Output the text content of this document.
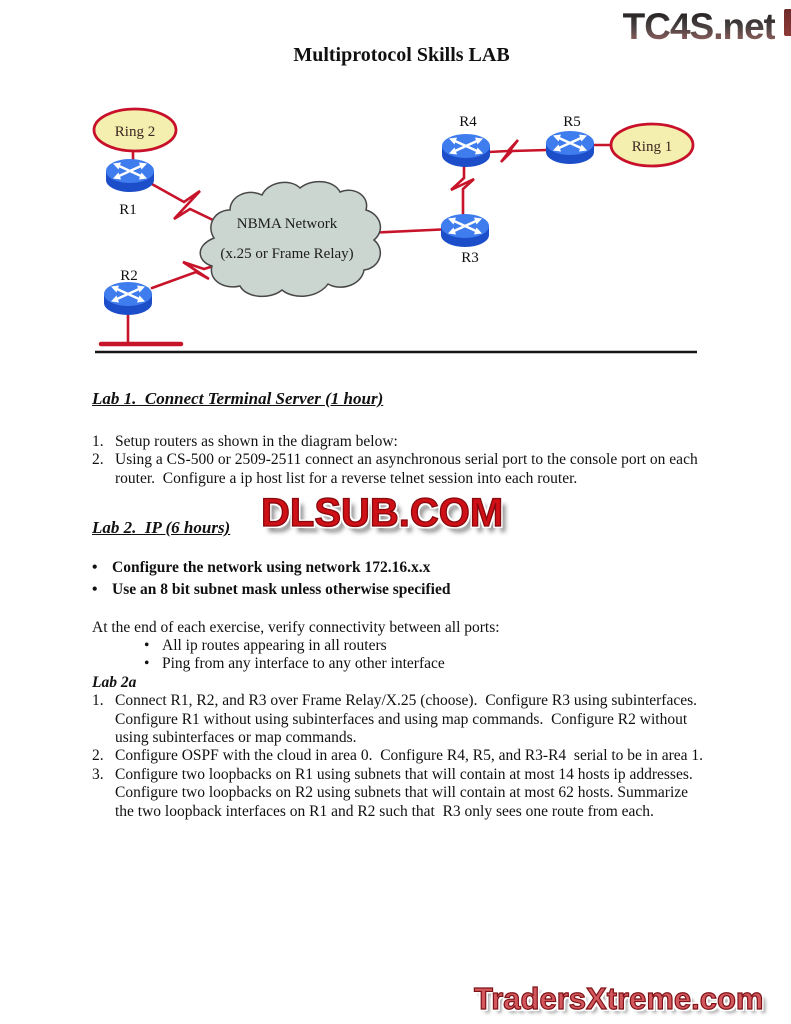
TC4S.net
Multiprotocol Skills LAB
NBMA Network
(x.25 or Frame Relay)
Ring 2
Ring 1
R1
R2
R3
R4	R5
Lab 1.  Connect Terminal Server (1 hour)
1. Setup routers as shown in the diagram below:
2. Using a CS-500 or 2509-2511 connect an asynchronous serial port to the console port on each router.  Configure a ip host list for a reverse telnet session into each router.
Lab 2.  IP (6 hours)
• Configure the network using network 172.16.x.x
• Use an 8 bit subnet mask unless otherwise specified
At the end of each exercise, verify connectivity between all ports:
• All ip routes appearing in all routers
• Ping from any interface to any other interface
Lab 2a
1. Connect R1, R2, and R3 over Frame Relay/X.25 (choose).  Configure R3 using subinterfaces. Configure R1 without using subinterfaces and using map commands.  Configure R2 without using subinterfaces or map commands.
2. Configure OSPF with the cloud in area 0.  Configure R4, R5, and R3-R4  serial to be in area 1.
3. Configure two loopbacks on R1 using subnets that will contain at most 14 hosts ip addresses. Configure two loopbacks on R2 using subnets that will contain at most 62 hosts. Summarize the two loopback interfaces on R1 and R2 such that  R3 only sees one route from each.
DLSUB.COM
TradersXtreme.com
